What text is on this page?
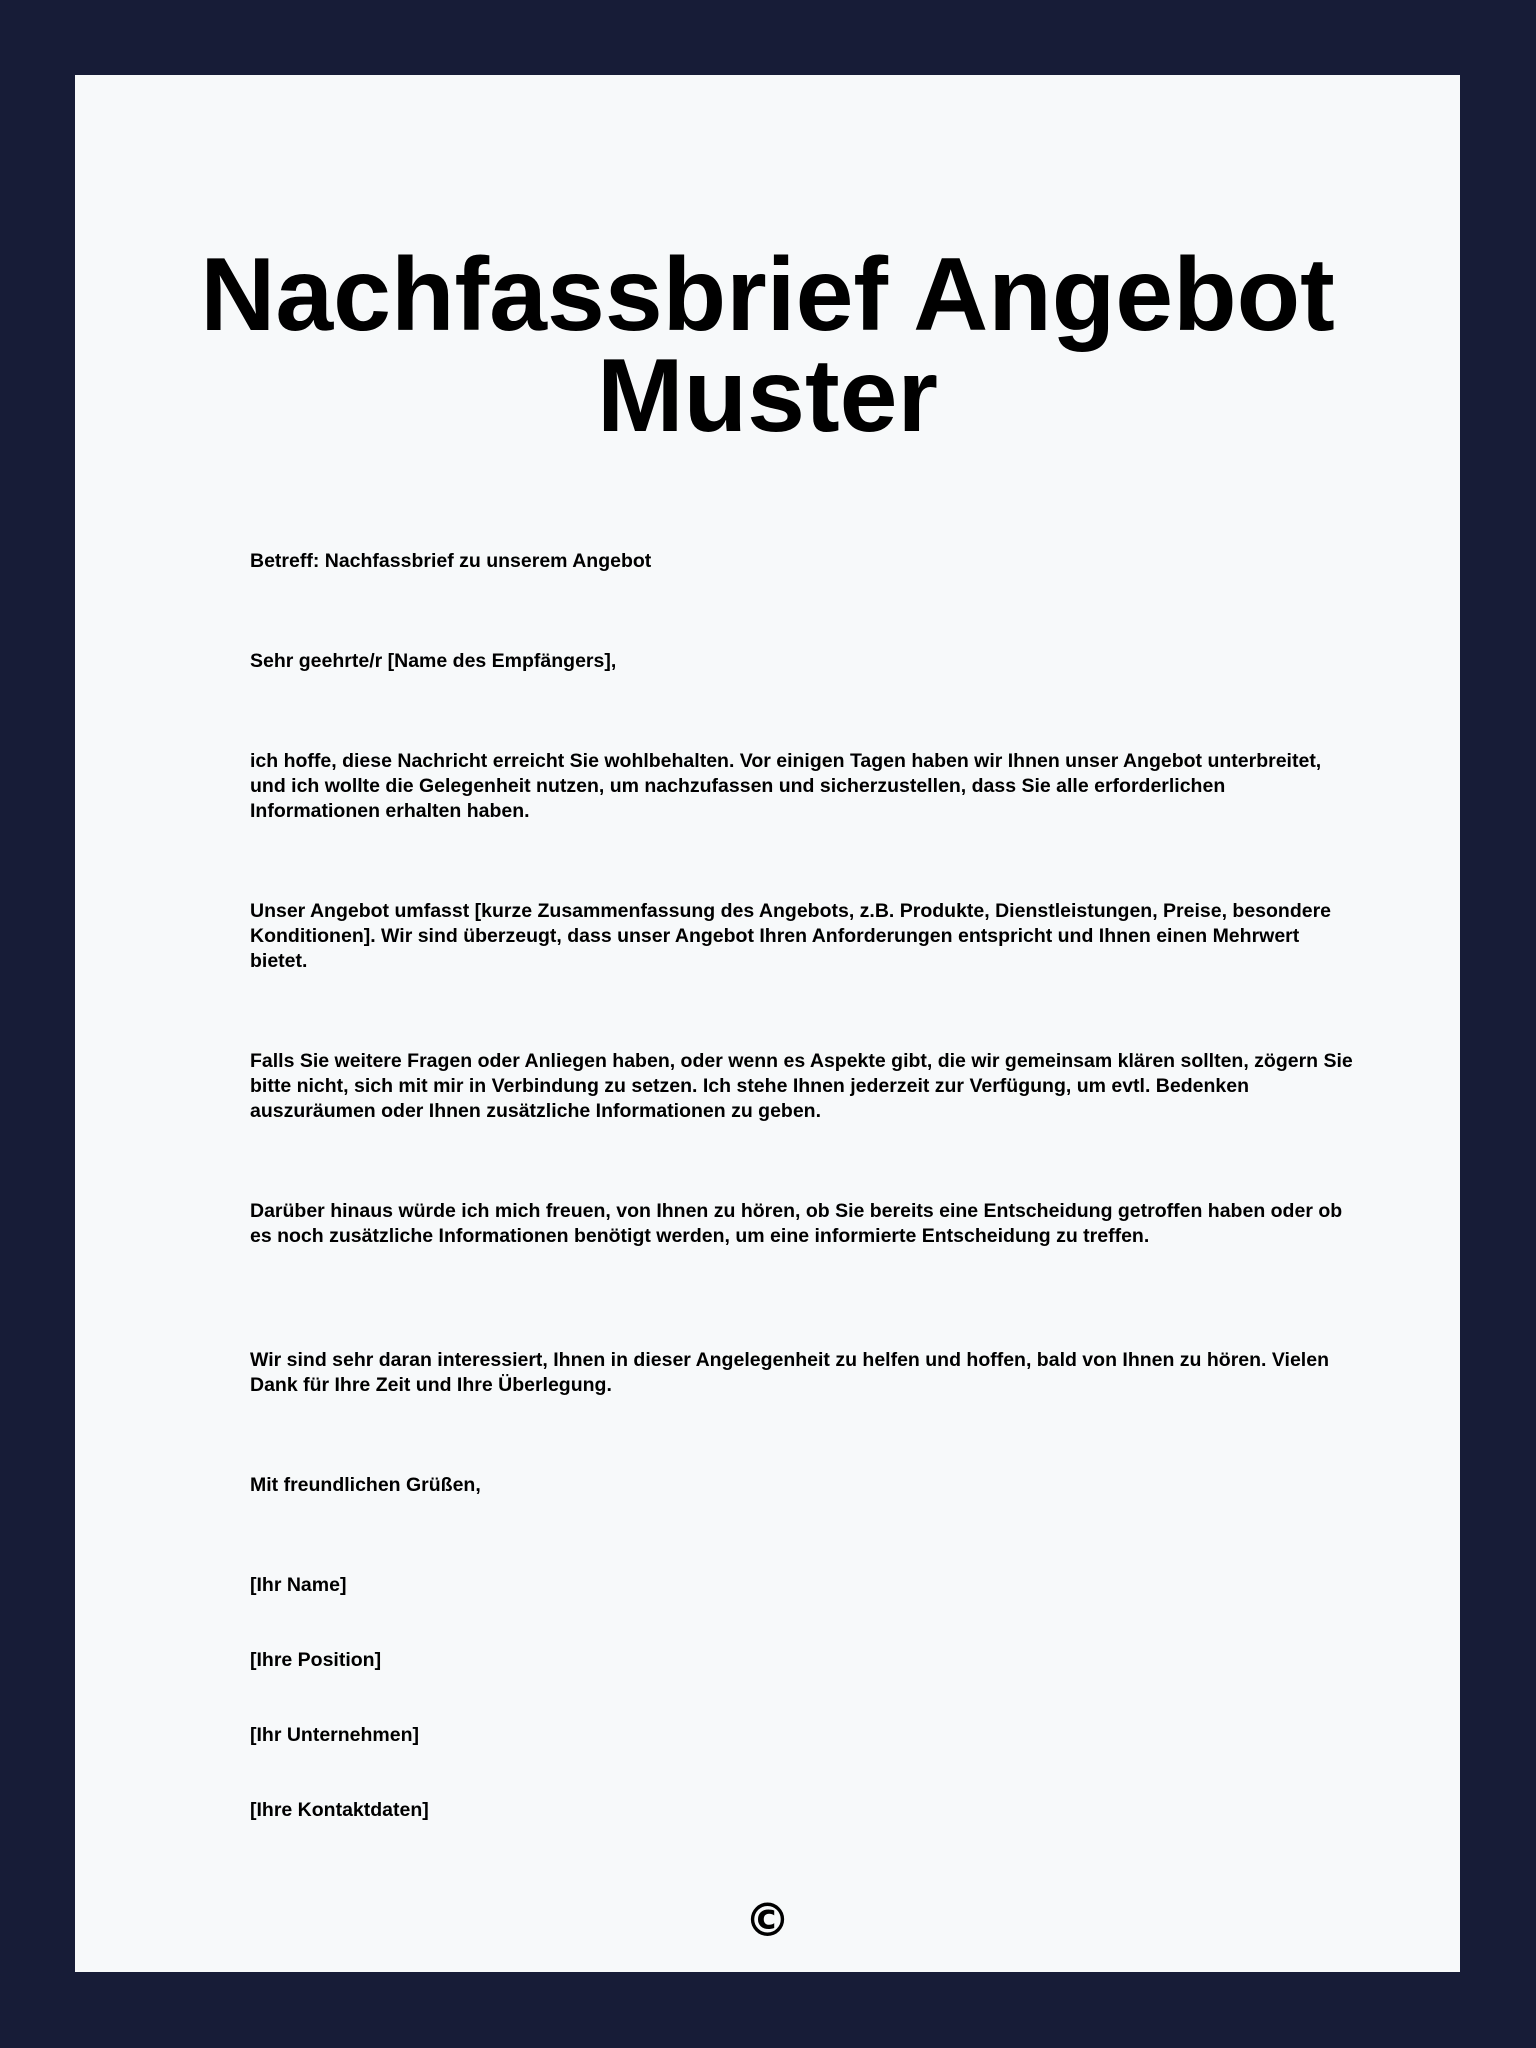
Nachfassbrief Angebot Muster

Betreff: Nachfassbrief zu unserem Angebot

Sehr geehrte/r [Name des Empfängers],

ich hoffe, diese Nachricht erreicht Sie wohlbehalten. Vor einigen Tagen haben wir Ihnen unser Angebot unterbreitet, und ich wollte die Gelegenheit nutzen, um nachzufassen und sicherzustellen, dass Sie alle erforderlichen Informationen erhalten haben.

Unser Angebot umfasst [kurze Zusammenfassung des Angebots, z.B. Produkte, Dienstleistungen, Preise, besondere Konditionen]. Wir sind überzeugt, dass unser Angebot Ihren Anforderungen entspricht und Ihnen einen Mehrwert bietet.

Falls Sie weitere Fragen oder Anliegen haben, oder wenn es Aspekte gibt, die wir gemeinsam klären sollten, zögern Sie bitte nicht, sich mit mir in Verbindung zu setzen. Ich stehe Ihnen jederzeit zur Verfügung, um evtl. Bedenken auszuräumen oder Ihnen zusätzliche Informationen zu geben.

Darüber hinaus würde ich mich freuen, von Ihnen zu hören, ob Sie bereits eine Entscheidung getroffen haben oder ob es noch zusätzliche Informationen benötigt werden, um eine informierte Entscheidung zu treffen.

Wir sind sehr daran interessiert, Ihnen in dieser Angelegenheit zu helfen und hoffen, bald von Ihnen zu hören. Vielen Dank für Ihre Zeit und Ihre Überlegung.

Mit freundlichen Grüßen,

[Ihr Name]

[Ihre Position]

[Ihr Unternehmen]

[Ihre Kontaktdaten]

©
